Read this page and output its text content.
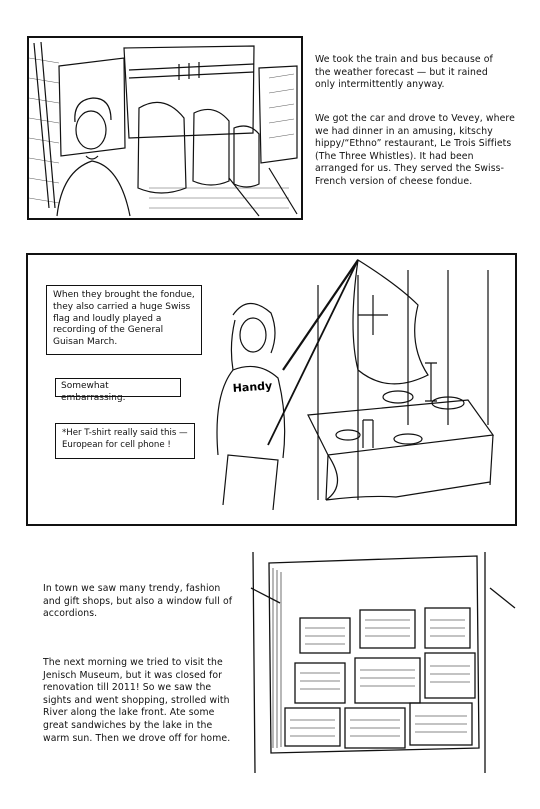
We took the train and bus because of the weather forecast — but it rained only intermittently anyway.
We got the car and drove to Vevey, where we had dinner in an amusing, kitschy hippy/“Ethno” restaurant, Le Trois Siffiets (The Three Whistles). It had been arranged for us. They served the Swiss-French version of cheese fondue.
Handy
When they brought the fondue, they also carried a huge Swiss flag and loudly played a recording of the General Guisan March.
Somewhat embarrassing.
*Her T-shirt really said this — European for cell phone !
In town we saw many trendy, fashion and gift shops, but also a window full of accordions.
The next morning we tried to visit the Jenisch Museum, but it was closed for renovation till 2011! So we saw the sights and went shopping, strolled with River along the lake front. Ate some great sandwiches by the lake in the warm sun. Then we drove off for home.
